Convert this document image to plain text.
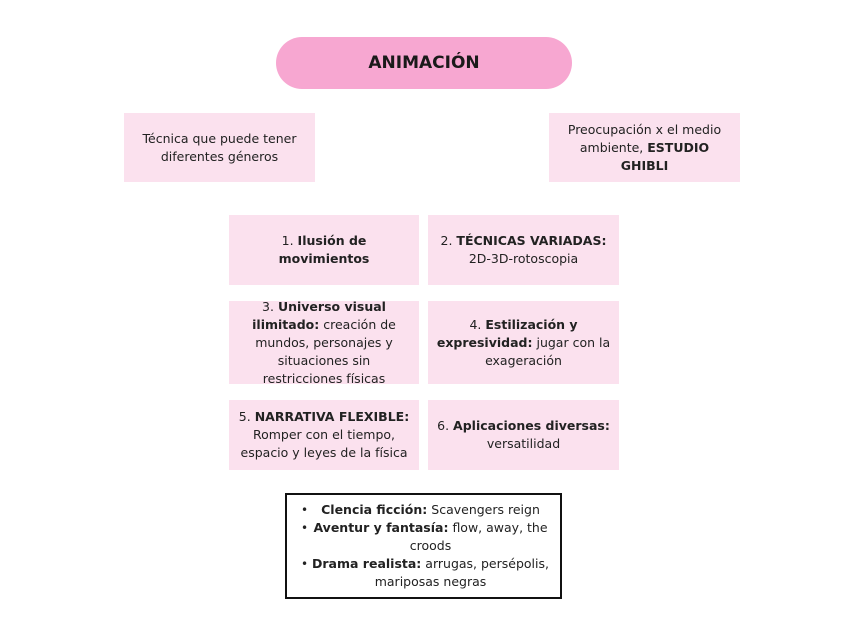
ANIMACIÓN
Técnica que puede tener diferentes géneros
Preocupación x el medio ambiente, ESTUDIO GHIBLI
1. Ilusión de movimientos
2. TÉCNICAS VARIADAS: 2D-3D-rotoscopia
3. Universo visual ilimitado: creación de mundos, personajes y situaciones sin restricciones físicas
4. Estilización y expresividad: jugar con la exageración
5. NARRATIVA FLEXIBLE: Romper con el tiempo, espacio y leyes de la física
6. Aplicaciones diversas: versatilidad
• Clencia ficción: Scavengers reign
• Aventur y fantasía: flow, away, the croods
• Drama realista: arrugas, persépolis, mariposas negras
